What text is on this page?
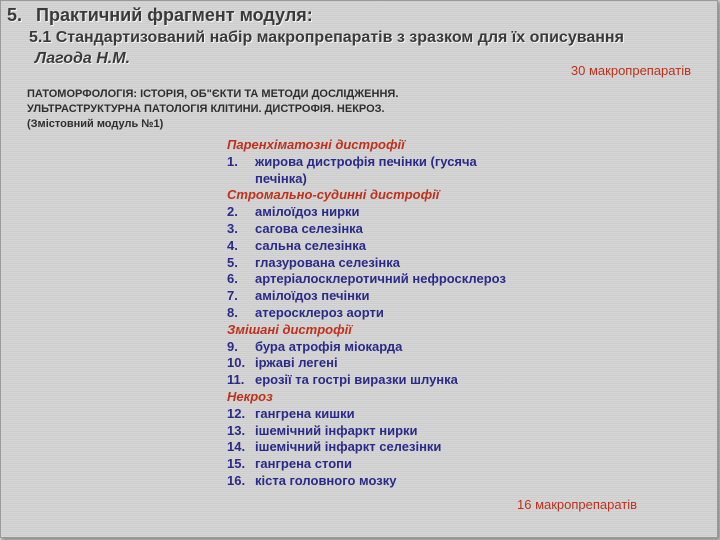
5. Практичний фрагмент модуля:
5.1 Стандартизований набір макропрепаратів з зразком для їх описування
Лагода Н.М.
30 макропрепаратів
ПАТОМОРФОЛОГІЯ: ІСТОРІЯ, ОБ"ЄКТИ ТА МЕТОДИ ДОСЛІДЖЕННЯ.
УЛЬТРАСТРУКТУРНА ПАТОЛОГІЯ КЛІТИНИ. ДИСТРОФІЯ. НЕКРОЗ.
(Змістовний модуль №1)
Паренхіматозні дистрофії
1.	жирова дистрофія печінки (гусяча печінка)
Стромально-судинні дистрофії
2.	амілоїдоз нирки
3.	сагова селезінка
4.	сальна селезінка
5.	глазурована селезінка
6.	артеріалосклеротичний нефросклероз
7.	амілоїдоз печінки
8.	атеросклероз аорти
Змішані дистрофії
9.	бура атрофія міокарда
10. іржаві легені
11. ерозії та гострі виразки шлунка
Некроз
12. гангрена кишки
13. ішемічний інфаркт нирки
14. ішемічний інфаркт селезінки
15. гангрена стопи
16. кіста головного мозку
16 макропрепаратів
